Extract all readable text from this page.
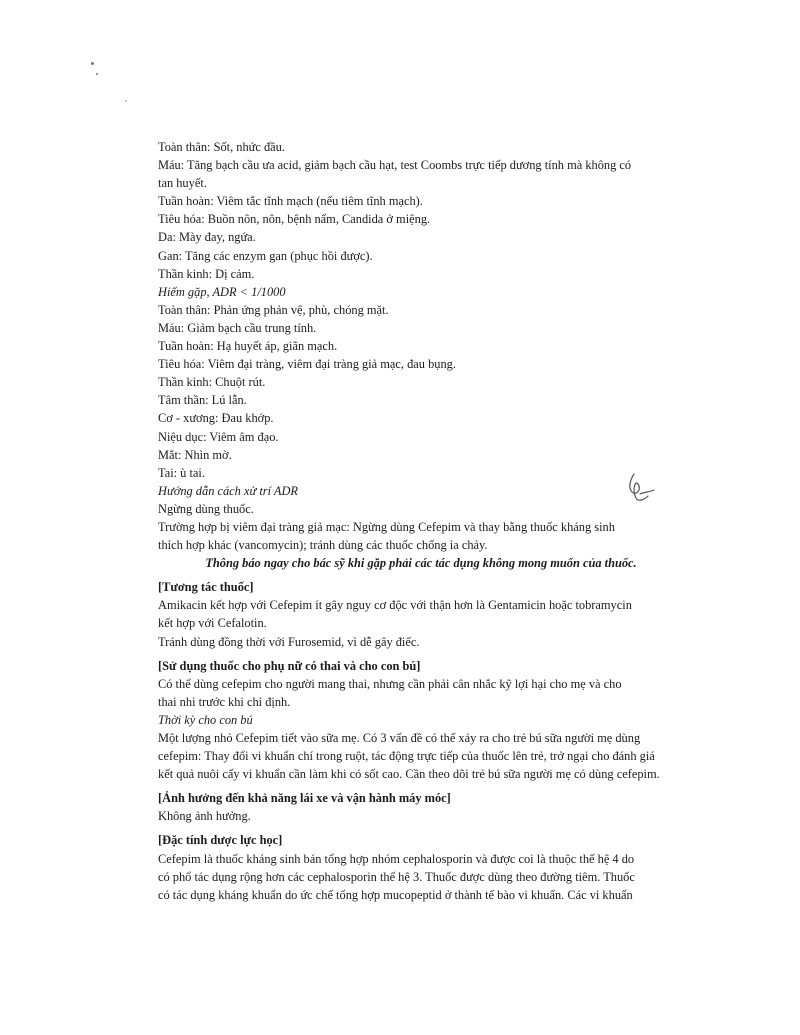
Toàn thân: Sốt, nhức đầu.

Máu: Tăng bạch cầu ưa acid, giảm bạch cầu hạt, test Coombs trực tiếp dương tính mà không có

tan huyết.

Tuần hoàn: Viêm tắc tĩnh mạch (nếu tiêm tĩnh mạch).

Tiêu hóa: Buồn nôn, nôn, bệnh nấm, Candida ở miệng.

Da: Mày đay, ngứa.

Gan: Tăng các enzym gan (phục hồi được).

Thần kinh: Dị cảm.

Hiếm gặp, ADR < 1/1000

Toàn thân: Phản ứng phản vệ, phù, chóng mặt.

Máu: Giảm bạch cầu trung tính.

Tuần hoàn: Hạ huyết áp, giãn mạch.

Tiêu hóa: Viêm đại tràng, viêm đại tràng giả mạc, đau bụng.

Thần kinh: Chuột rút.

Tâm thần: Lú lẫn.

Cơ - xương: Đau khớp.

Niệu dục: Viêm âm đạo.

Mắt: Nhìn mờ.

Tai: ù tai.

Hướng dẫn cách xử trí ADR

Ngừng dùng thuốc.

Trường hợp bị viêm đại tràng giả mạc: Ngừng dùng Cefepim và thay bằng thuốc kháng sinh

thích hợp khác (vancomycin); tránh dùng các thuốc chống ỉa chảy.

Thông báo ngay cho bác sỹ khi gặp phải các tác dụng không mong muốn của thuốc.

[Tương tác thuốc]

Amikacin kết hợp với Cefepim ít gây nguy cơ độc với thận hơn là Gentamicin hoặc tobramycin

kết hợp với Cefalotin.

Tránh dùng đồng thời với Furosemid, vì dễ gây điếc.

[Sử dụng thuốc cho phụ nữ có thai và cho con bú]

Có thể dùng cefepim cho người mang thai, nhưng cần phải cân nhắc kỹ lợi hại cho mẹ và cho

thai nhi trước khi chỉ định.

Thời kỳ cho con bú

Một lượng nhỏ Cefepim tiết vào sữa mẹ. Có 3 vấn đề có thể xảy ra cho trẻ bú sữa người mẹ dùng

cefepim: Thay đổi vi khuẩn chí trong ruột, tác động trực tiếp của thuốc lên trẻ, trở ngại cho đánh giá

kết quả nuôi cấy vi khuẩn cần làm khi có sốt cao. Cần theo dõi trẻ bú sữa người mẹ có dùng cefepim.

[Ảnh hưởng đến khả năng lái xe và vận hành máy móc]

Không ảnh hưởng.

[Đặc tính dược lực học]

Cefepim là thuốc kháng sinh bán tổng hợp nhóm cephalosporin và được coi là thuộc thế hệ 4 do

có phổ tác dụng rộng hơn các cephalosporin thế hệ 3. Thuốc được dùng theo đường tiêm. Thuốc

có tác dụng kháng khuẩn do ức chế tổng hợp mucopeptid ở thành tế bào vi khuẩn. Các vi khuẩn
